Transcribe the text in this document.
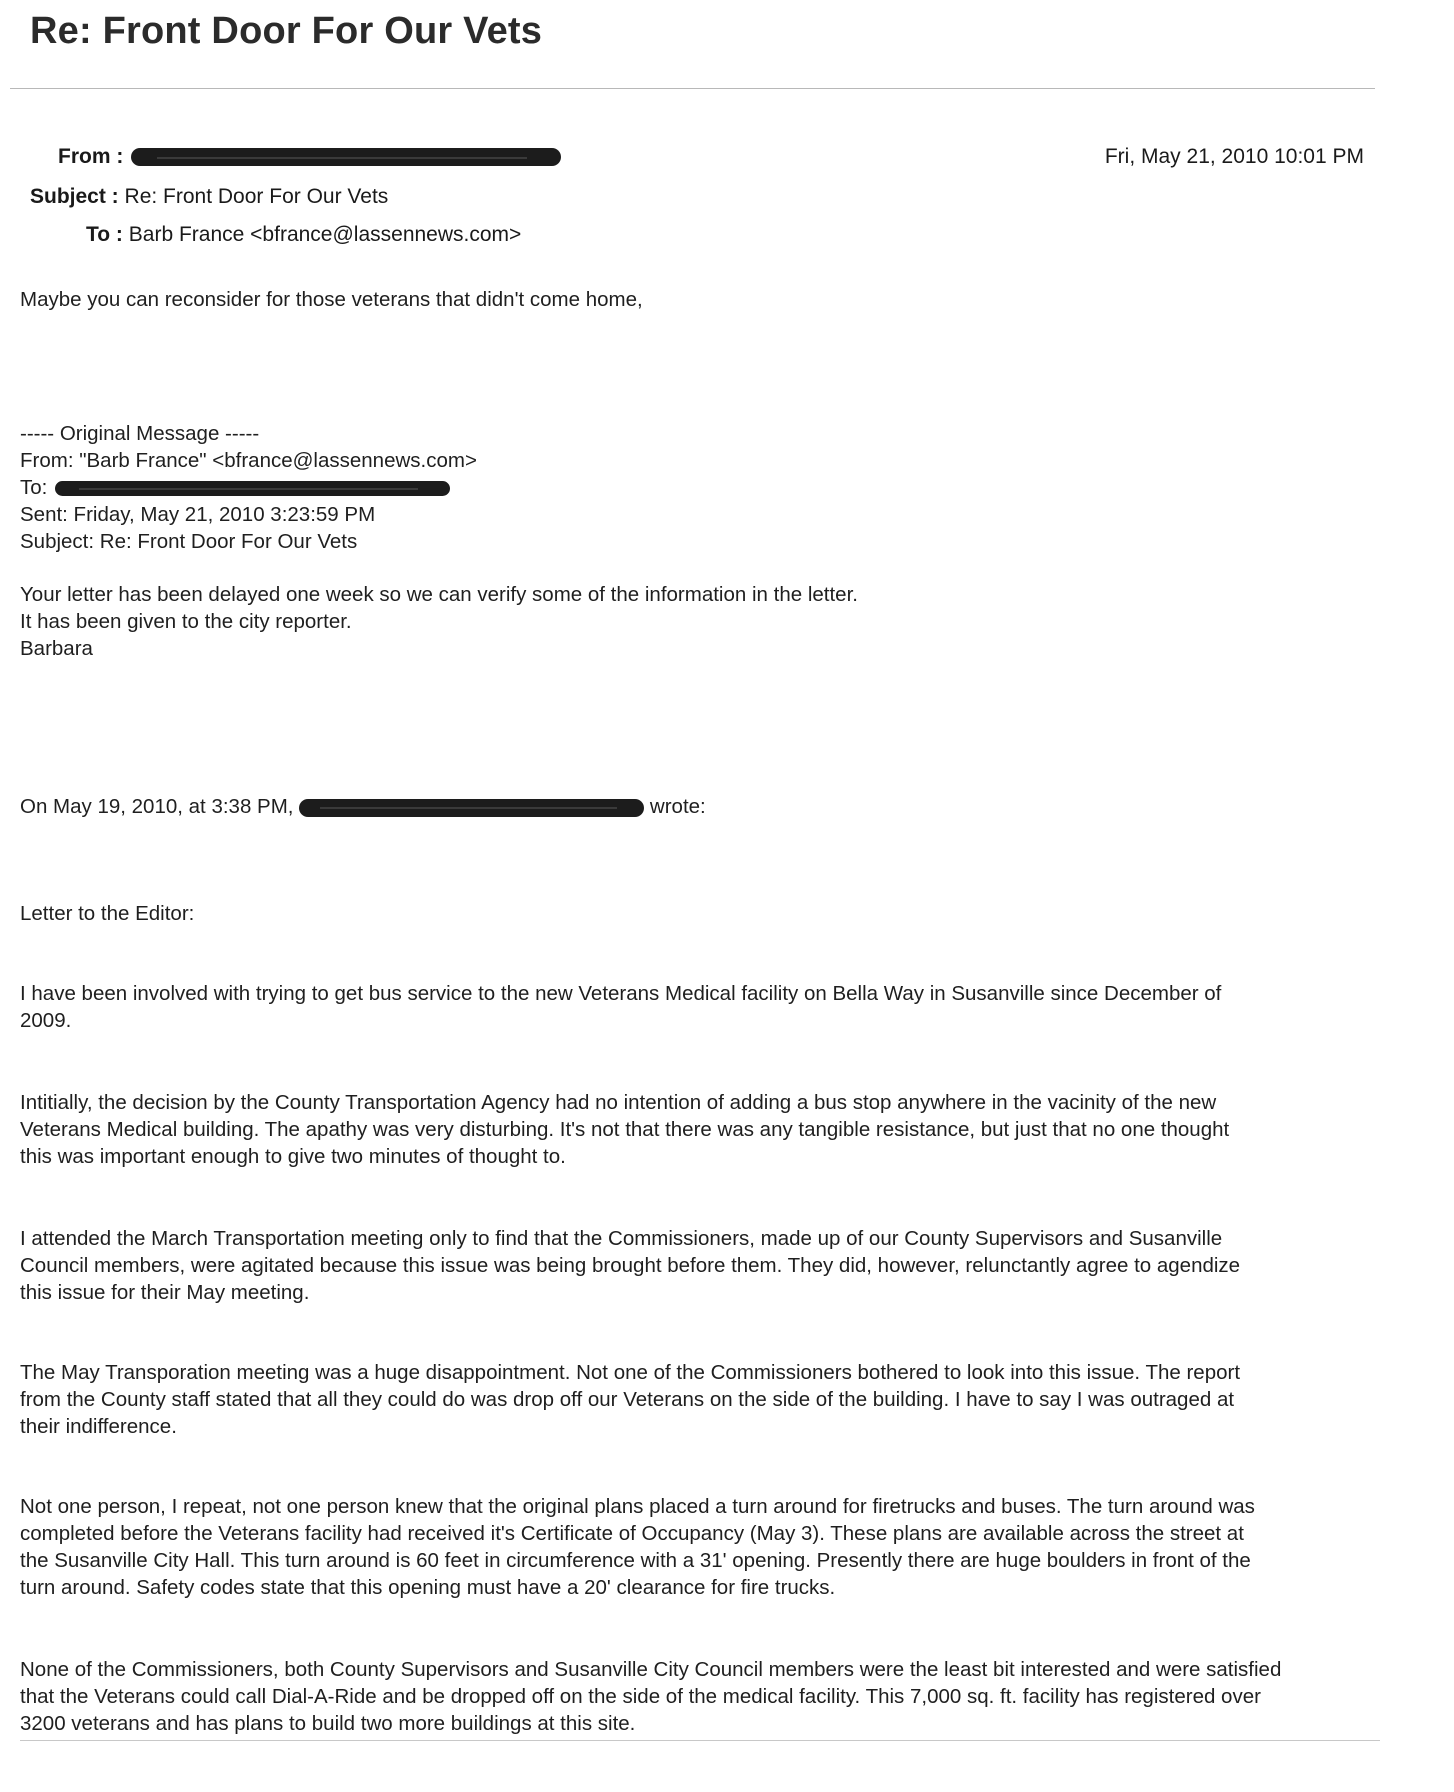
Re: Front Door For Our Vets
From :	Fri, May 21, 2010 10:01 PM
Subject : Re: Front Door For Our Vets
To : Barb France <bfrance@lassennews.com>
Maybe you can reconsider for those veterans that didn't come home,
----- Original Message -----
From: "Barb France" <bfrance@lassennews.com>
To:
Sent: Friday, May 21, 2010 3:23:59 PM
Subject: Re: Front Door For Our Vets
Your letter has been delayed one week so we can verify some of the information in the letter.
It has been given to the city reporter.
Barbara
On May 19, 2010, at 3:38 PM,	wrote:
Letter to the Editor:
I have been involved with trying to get bus service to the new Veterans Medical facility on Bella Way in Susanville since December of
2009.
Intitially, the decision by the County Transportation Agency had no intention of adding a bus stop anywhere in the vacinity of the new
Veterans Medical building. The apathy was very disturbing. It's not that there was any tangible resistance, but just that no one thought
this was important enough to give two minutes of thought to.
I attended the March Transportation meeting only to find that the Commissioners, made up of our County Supervisors and Susanville
Council members, were agitated because this issue was being brought before them. They did, however, relunctantly agree to agendize
this issue for their May meeting.
The May Transporation meeting was a huge disappointment. Not one of the Commissioners bothered to look into this issue. The report
from the County staff stated that all they could do was drop off our Veterans on the side of the building. I have to say I was outraged at
their indifference.
Not one person, I repeat, not one person knew that the original plans placed a turn around for firetrucks and buses. The turn around was
completed before the Veterans facility had received it's Certificate of Occupancy (May 3). These plans are available across the street at
the Susanville City Hall. This turn around is 60 feet in circumference with a 31' opening. Presently there are huge boulders in front of the
turn around. Safety codes state that this opening must have a 20' clearance for fire trucks.
None of the Commissioners, both County Supervisors and Susanville City Council members were the least bit interested and were satisfied
that the Veterans could call Dial-A-Ride and be dropped off on the side of the medical facility. This 7,000 sq. ft. facility has registered over
3200 veterans and has plans to build two more buildings at this site.
